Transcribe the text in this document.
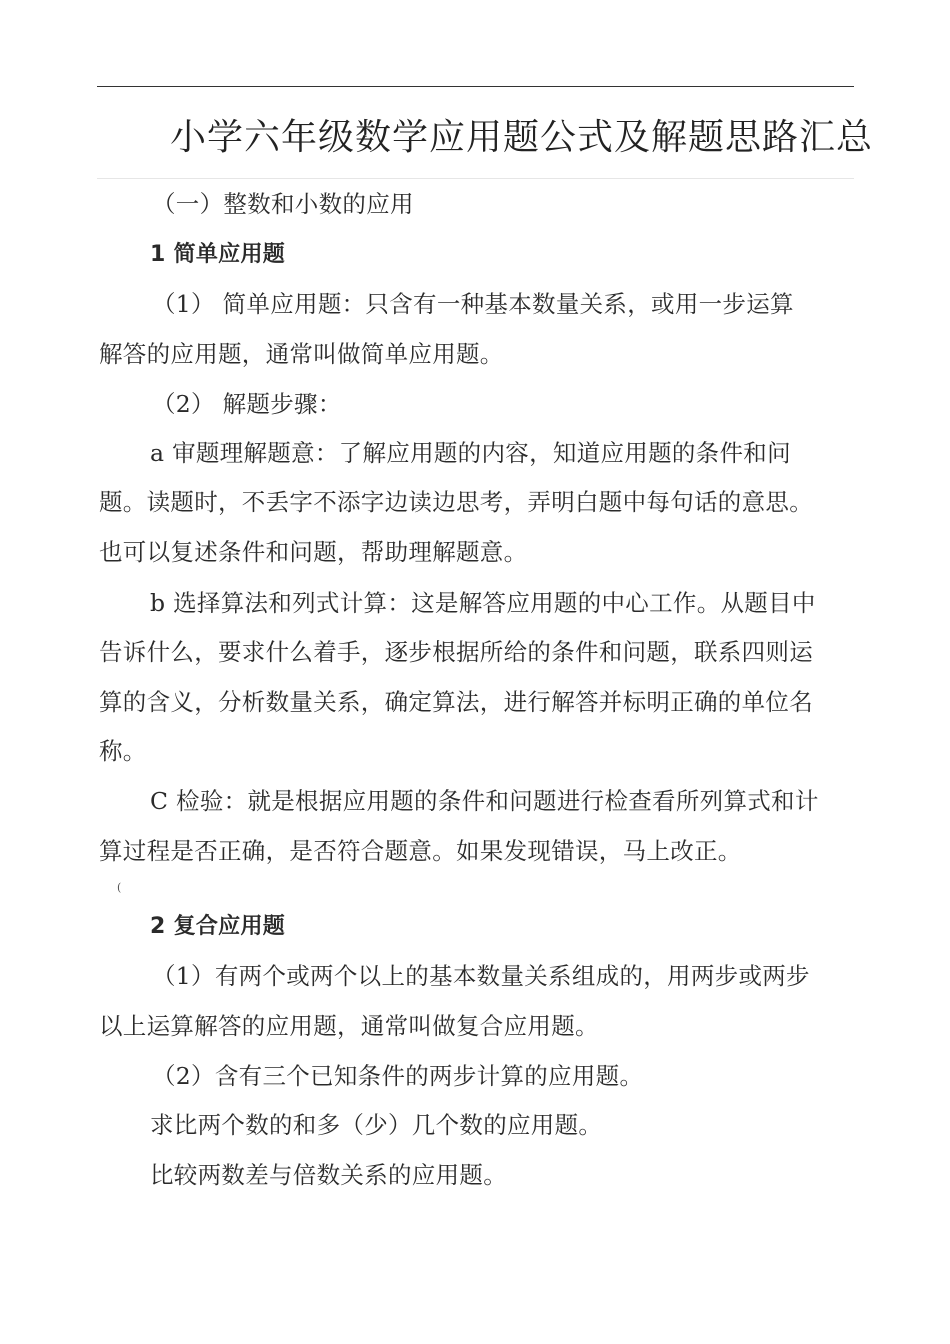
小学六年级数学应用题公式及解题思路汇总

（一）整数和小数的应用

1 简单应用题

（1） 简单应用题：只含有一种基本数量关系，或用一步运算

解答的应用题，通常叫做简单应用题。

（2） 解题步骤：

a 审题理解题意：了解应用题的内容，知道应用题的条件和问

题。读题时，不丢字不添字边读边思考，弄明白题中每句话的意思。

也可以复述条件和问题，帮助理解题意。

b 选择算法和列式计算：这是解答应用题的中心工作。从题目中

告诉什么，要求什么着手，逐步根据所给的条件和问题，联系四则运

算的含义，分析数量关系，确定算法，进行解答并标明正确的单位名

称。

C 检验：就是根据应用题的条件和问题进行检查看所列算式和计

算过程是否正确，是否符合题意。如果发现错误，马上改正。

(

2 复合应用题

（1）有两个或两个以上的基本数量关系组成的，用两步或两步

以上运算解答的应用题，通常叫做复合应用题。

（2）含有三个已知条件的两步计算的应用题。

求比两个数的和多（少）几个数的应用题。

比较两数差与倍数关系的应用题。
